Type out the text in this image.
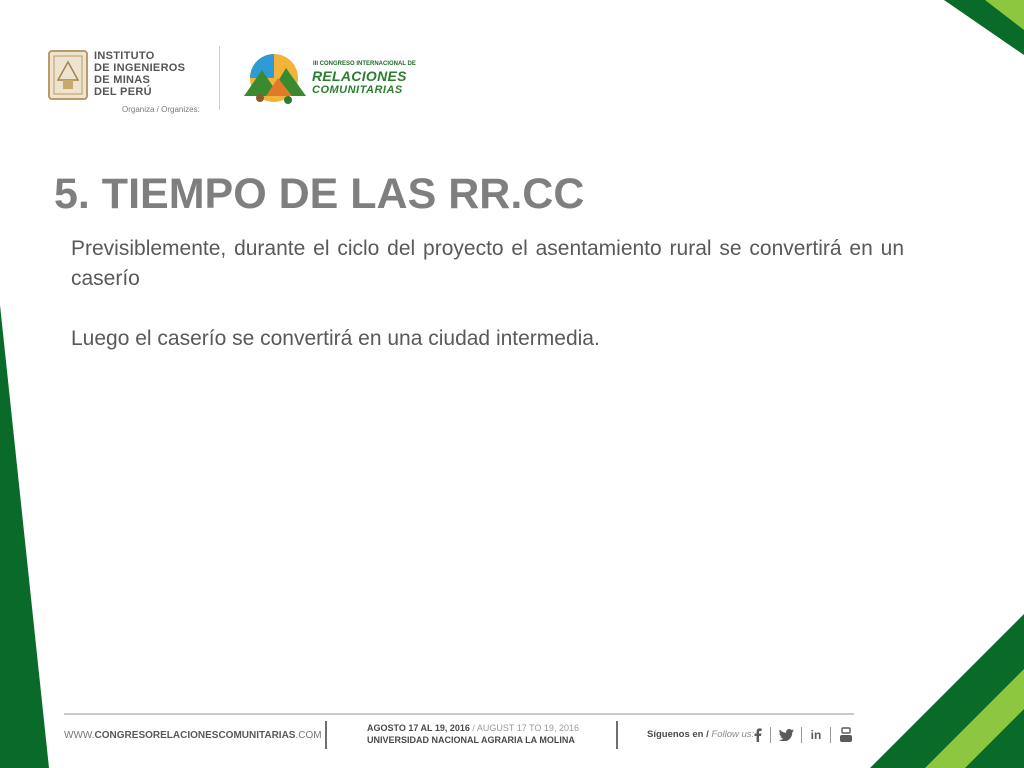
INSTITUTO
DE INGENIEROS
DE MINAS
DEL PERÚ
Organiza / Organizes:
III CONGRESO INTERNACIONAL DE
RELACIONES
COMUNITARIAS
5. TIEMPO DE LAS RR.CC

Previsiblemente, durante el ciclo del proyecto el asentamiento rural se convertirá en un caserío

Luego el caserío se convertirá en una ciudad intermedia.

WWW.CONGRESORELACIONESCOMUNITARIAS.COM
AGOSTO 17 AL 19, 2016 / AUGUST 17 TO 19, 2016
UNIVERSIDAD NACIONAL AGRARIA LA MOLINA	Síguenos en / Follow us:	in
